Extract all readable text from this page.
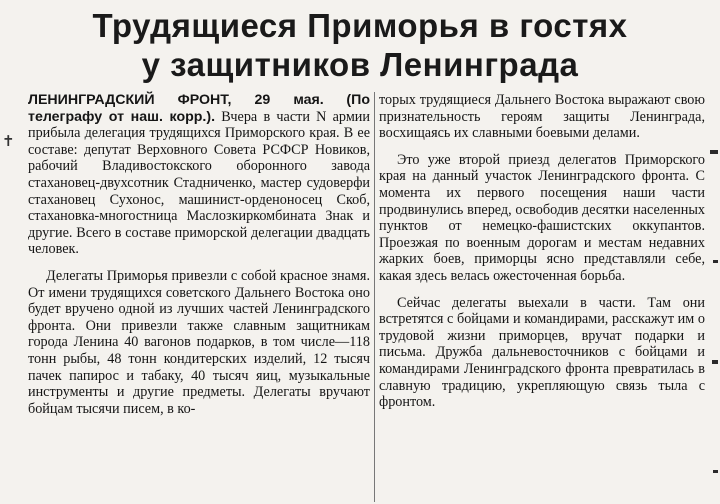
Трудящиеся Приморья в гостях
у защитников Ленинграда
✝

ЛЕНИНГРАДСКИЙ ФРОНТ, 29 мая. (По телеграфу от наш. корр.). Вчера в части N армии прибыла делегация трудящихся Приморского края. В ее составе: депутат Верховного Совета РСФСР Новиков, рабочий Владивостокского оборонного завода стахановец-двухсотник Стадниченко, мастер судоверфи стахановец Сухонос, машинист-орденоносец Скоб, стахановка-многостница Маслозкиркомбината Знак и другие. Всего в составе приморской делегации двадцать человек.

Делегаты Приморья привезли с собой красное знамя. От имени трудящихся советского Дальнего Востока оно будет вручено одной из лучших частей Ленинградского фронта. Они привезли также славным защитникам города Ленина 40 вагонов подарков, в том числе—118 тонн рыбы, 48 тонн кондитерских изделий, 12 тысяч пачек папирос и табаку, 40 тысяч яиц, музыкальные инструменты и другие предметы. Делегаты вручают бойцам тысячи писем, в ко-

торых трудящиеся Дальнего Востока выражают свою признательность героям защиты Ленинграда, восхищаясь их славными боевыми делами.

Это уже второй приезд делегатов Приморского края на данный участок Ленинградского фронта. С момента их первого посещения наши части продвинулись вперед, освободив десятки населенных пунктов от немецко-фашистских оккупантов. Проезжая по военным дорогам и местам недавних жарких боев, приморцы ясно представляли себе, какая здесь велась ожесточенная борьба.

Сейчас делегаты выехали в части. Там они встретятся с бойцами и командирами, расскажут им о трудовой жизни приморцев, вручат подарки и письма. Дружба дальневосточников с бойцами и командирами Ленинградского фронта превратилась в славную традицию, укрепляющую связь тыла с фронтом.
